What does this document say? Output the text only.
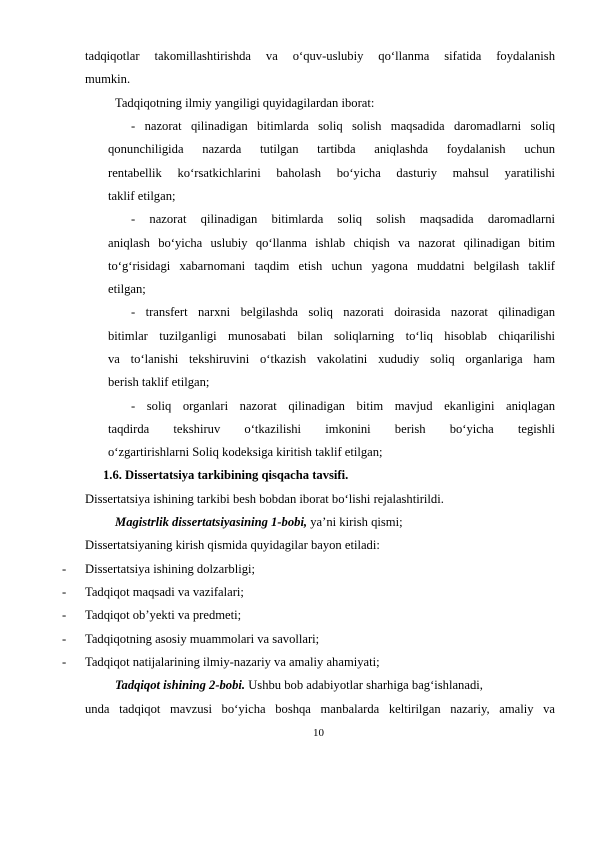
tadqiqotlar takomillashtirishda va o‘quv-uslubiy qo‘llanma sifatida foydalanish
mumkin.
Tadqiqotning ilmiy yangiligi quyidagilardan iborat:
- nazorat qilinadigan bitimlarda soliq solish maqsadida daromadlarni soliq
qonunchiligida nazarda tutilgan tartibda aniqlashda foydalanish uchun
rentabellik ko‘rsatkichlarini baholash bo‘yicha dasturiy mahsul yaratilishi
taklif etilgan;
- nazorat qilinadigan bitimlarda soliq solish maqsadida daromadlarni
aniqlash bo‘yicha uslubiy qo‘llanma ishlab chiqish va nazorat qilinadigan bitim
to‘g‘risidagi xabarnomani taqdim etish uchun yagona muddatni belgilash taklif
etilgan;
- transfert narxni belgilashda soliq nazorati doirasida nazorat qilinadigan
bitimlar tuzilganligi munosabati bilan soliqlarning to‘liq hisoblab chiqarilishi
va to‘lanishi tekshiruvini o‘tkazish vakolatini xududiy soliq organlariga ham
berish taklif etilgan;
- soliq organlari nazorat qilinadigan bitim mavjud ekanligini aniqlagan
taqdirda tekshiruv o‘tkazilishi imkonini berish bo‘yicha tegishli
o‘zgartirishlarni Soliq kodeksiga kiritish taklif etilgan;
1.6. Dissertatsiya tarkibining qisqacha tavsifi.
Dissertatsiya ishining tarkibi besh bobdan iborat bo‘lishi rejalashtirildi.
Magistrlik dissertatsiyasining 1-bobi, ya’ni kirish qismi;
Dissertatsiyaning kirish qismida quyidagilar bayon etiladi:
- Dissertatsiya ishining dolzarbligi;
- Tadqiqot maqsadi va vazifalari;
- Tadqiqot ob’yekti va predmeti;
- Tadqiqotning asosiy muammolari va savollari;
- Tadqiqot natijalarining ilmiy-nazariy va amaliy ahamiyati;
Tadqiqot ishining 2-bobi. Ushbu bob adabiyotlar sharhiga bag‘ishlanadi,
unda tadqiqot mavzusi bo‘yicha boshqa manbalarda keltirilgan nazariy, amaliy va
10
